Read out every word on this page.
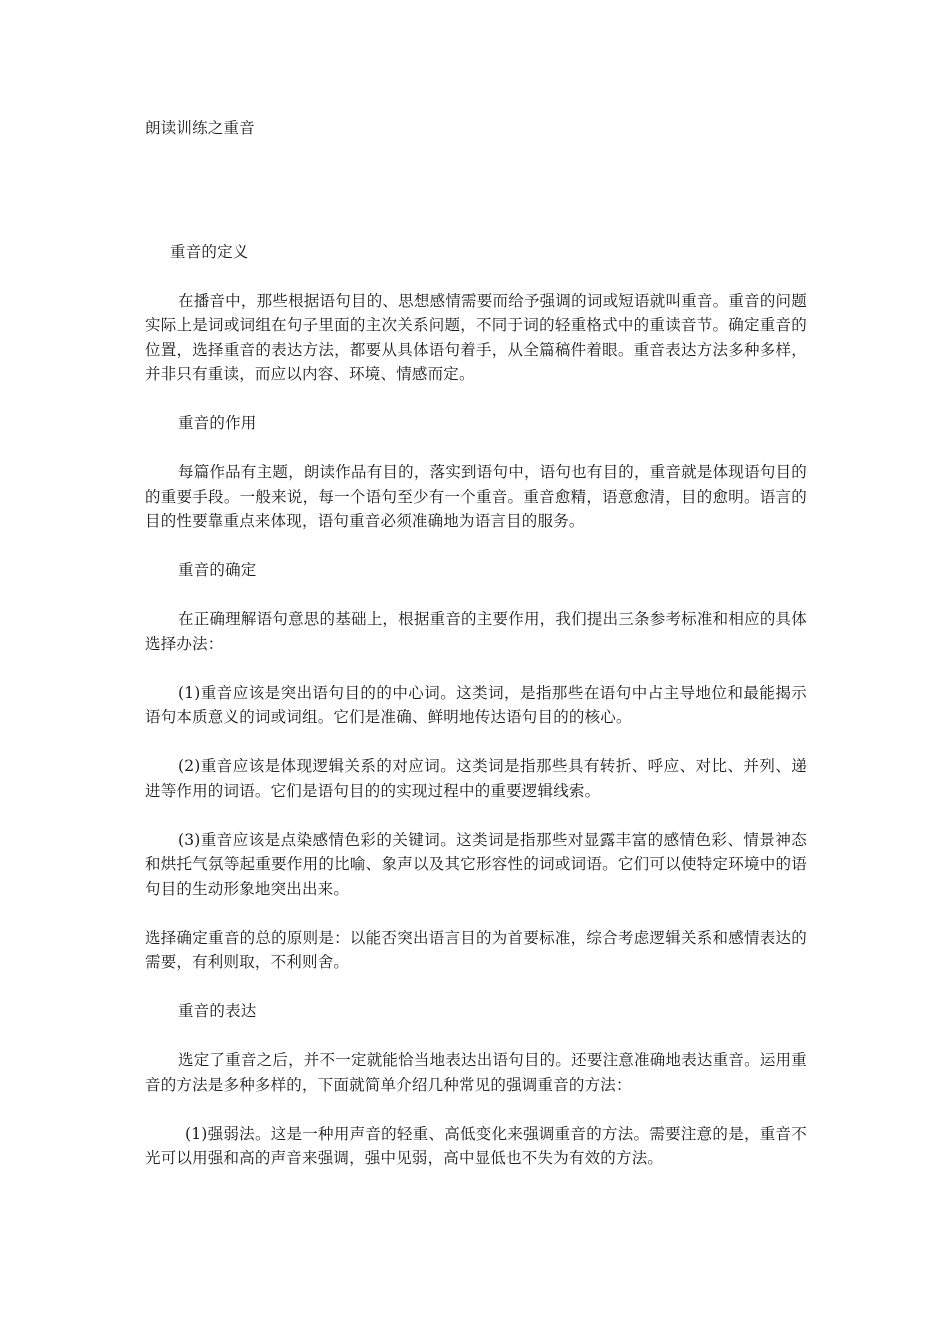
朗读训练之重音
重音的定义

在播音中，那些根据语句目的、思想感情需要而给予强调的词或短语就叫重音。重音的问题实际上是词或词组在句子里面的主次关系问题，不同于词的轻重格式中的重读音节。确定重音的位置，选择重音的表达方法，都要从具体语句着手，从全篇稿件着眼。重音表达方法多种多样，并非只有重读，而应以内容、环境、情感而定。

重音的作用

每篇作品有主题，朗读作品有目的，落实到语句中，语句也有目的，重音就是体现语句目的的重要手段。一般来说，每一个语句至少有一个重音。重音愈精，语意愈清，目的愈明。语言的目的性要靠重点来体现，语句重音必须准确地为语言目的服务。

重音的确定

在正确理解语句意思的基础上，根据重音的主要作用，我们提出三条参考标准和相应的具体选择办法：

(1)重音应该是突出语句目的的中心词。这类词，是指那些在语句中占主导地位和最能揭示语句本质意义的词或词组。它们是准确、鲜明地传达语句目的的核心。

(2)重音应该是体现逻辑关系的对应词。这类词是指那些具有转折、呼应、对比、并列、递进等作用的词语。它们是语句目的的实现过程中的重要逻辑线索。

(3)重音应该是点染感情色彩的关键词。这类词是指那些对显露丰富的感情色彩、情景神态和烘托气氛等起重要作用的比喻、象声以及其它形容性的词或词语。它们可以使特定环境中的语句目的生动形象地突出出来。

选择确定重音的总的原则是：以能否突出语言目的为首要标准，综合考虑逻辑关系和感情表达的需要，有利则取，不利则舍。

重音的表达

选定了重音之后，并不一定就能恰当地表达出语句目的。还要注意准确地表达重音。运用重音的方法是多种多样的，下面就简单介绍几种常见的强调重音的方法：

(1)强弱法。这是一种用声音的轻重、高低变化来强调重音的方法。需要注意的是，重音不光可以用强和高的声音来强调，强中见弱，高中显低也不失为有效的方法。
